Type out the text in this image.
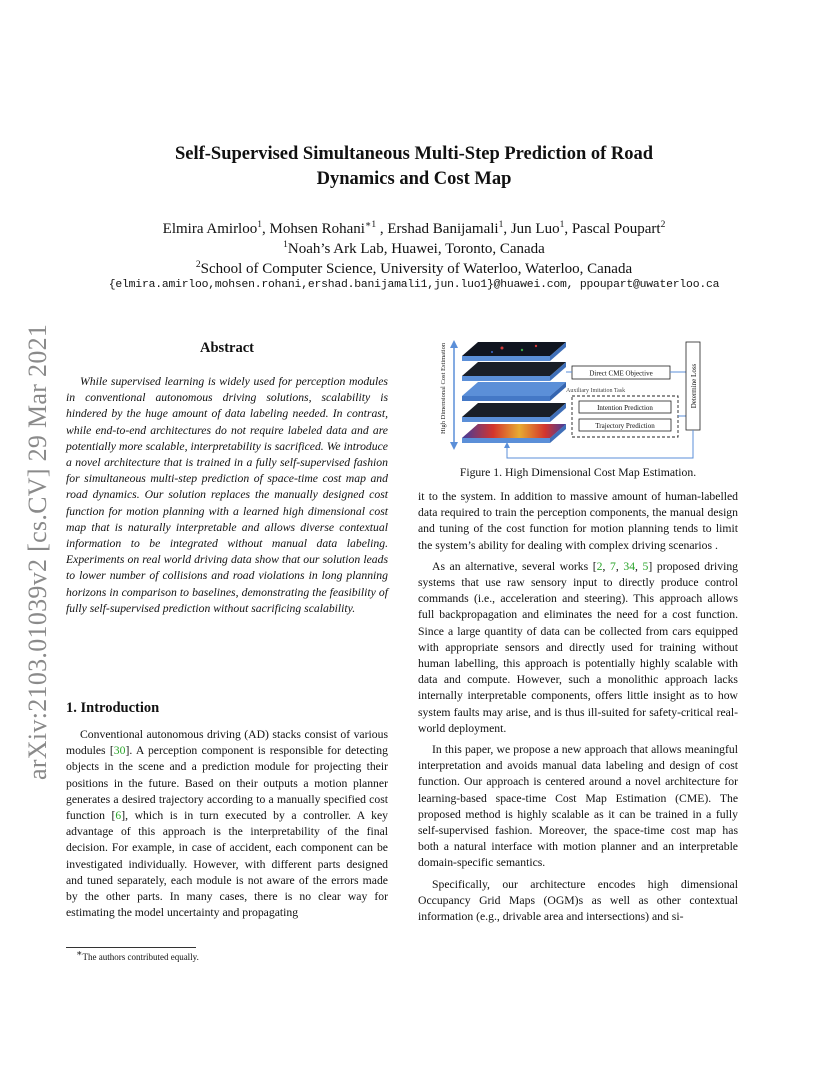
Self-Supervised Simultaneous Multi-Step Prediction of Road
Dynamics and Cost Map
Elmira Amirloo$^1$, Mohsen Rohani$^{∗1}$ , Ershad Banijamali$^1$, Jun Luo$^1$, Pascal Poupart$^2$
$^1$Noah’s Ark Lab, Huawei, Toronto, Canada
$^2$School of Computer Science, University of Waterloo, Waterloo, Canada
{elmira.amirloo,mohsen.rohani,ershad.banijamali1,jun.luo1}@huawei.com, ppoupart@uwaterloo.ca
arXiv:2103.01039v2 [cs.CV] 29 Mar 2021	Abstract

While supervised learning is widely used for perception modules in conventional autonomous driving solutions, scalability is hindered by the huge amount of data labeling needed. In contrast, while end-to-end architectures do not require labeled data and are potentially more scalable, interpretability is sacrificed. We introduce a novel architecture that is trained in a fully self-supervised fashion for simultaneous multi-step prediction of space-time cost map and road dynamics. Our solution replaces the manually designed cost function for motion planning with a learned high dimensional cost map that is naturally interpretable and allows diverse contextual information to be integrated without manual data labeling. Experiments on real world driving data show that our solution leads to lower number of collisions and road violations in long planning horizons in comparison to baselines, demonstrating the feasibility of fully self-supervised prediction without sacrificing scalability.

1. Introduction

Conventional autonomous driving (AD) stacks consist of various modules [30]. A perception component is responsible for detecting objects in the scene and a prediction module for projecting their positions in the future. Based on their outputs a motion planner generates a desired trajectory according to a manually specified cost function [6], which is in turn executed by a controller. A key advantage of this approach is the interpretability of the final decision. For example, in case of accident, each component can be investigated individually. However, with different parts designed and tuned separately, each module is not aware of the errors made by the other parts. In many cases, there is no clear way for estimating the model uncertainty and propagating

∗The authors contributed equally.
High Dimensional Cost Estimation	Direct CME Objective
Auxiliary Imitation Task
Intention Prediction
Trajectory Prediction
Determine Loss
Figure 1. High Dimensional Cost Map Estimation.

it to the system. In addition to massive amount of human-labelled data required to train the perception components, the manual design and tuning of the cost function for motion planning tends to limit the system’s ability for dealing with complex driving scenarios .

As an alternative, several works [2, 7, 34, 5] proposed driving systems that use raw sensory input to directly produce control commands (i.e., acceleration and steering). This approach allows full backpropagation and eliminates the need for a cost function. Since a large quantity of data can be collected from cars equipped with appropriate sensors and directly used for training without human labelling, this approach is potentially highly scalable with data and compute. However, such a monolithic approach lacks internally interpretable components, offers little insight as to how system faults may arise, and is thus ill-suited for safety-critical real-world deployment.

In this paper, we propose a new approach that allows meaningful interpretation and avoids manual data labeling and design of cost function. Our approach is centered around a novel architecture for learning-based space-time Cost Map Estimation (CME). The proposed method is highly scalable as it can be trained in a fully self-supervised fashion. Moreover, the space-time cost map has both a natural interface with motion planner and an interpretable domain-specific semantics.

Specifically, our architecture encodes high dimensional Occupancy Grid Maps (OGM)s as well as other contextual information (e.g., drivable area and intersections) and si-
